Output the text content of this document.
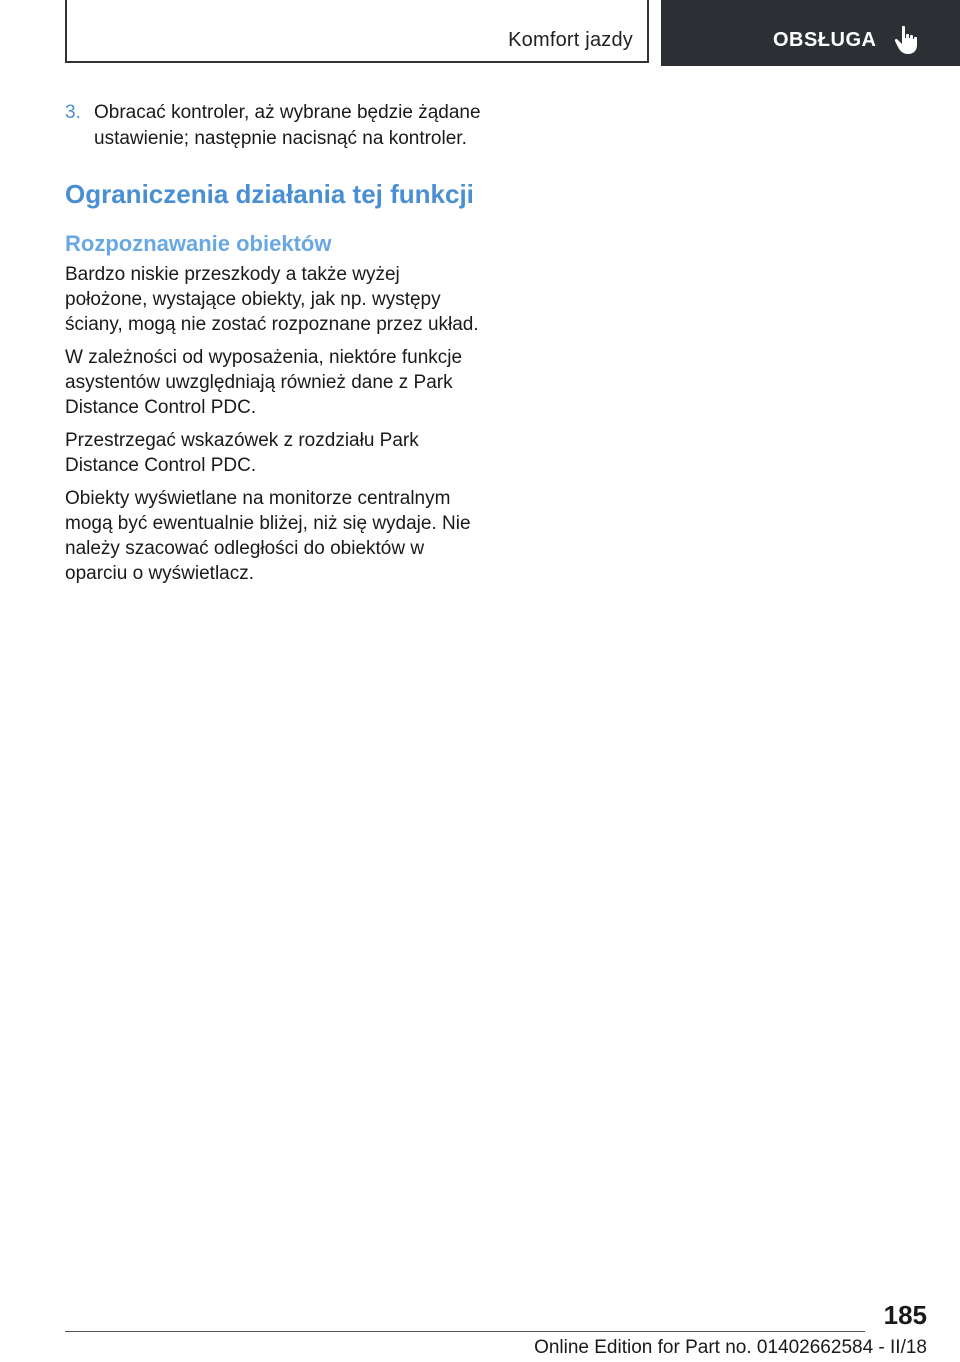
Komfort jazdy	OBSŁUGA
3. Obracać kontroler, aż wybrane będzie żądane ustawienie; następnie nacisnąć na kontroler.
Ograniczenia działania tej funkcji
Rozpoznawanie obiektów
Bardzo niskie przeszkody a także wyżej położone, wystające obiekty, jak np. występy ściany, mogą nie zostać rozpoznane przez układ.
W zależności od wyposażenia, niektóre funkcje asystentów uwzględniają również dane z Park Distance Control PDC.
Przestrzegać wskazówek z rozdziału Park Distance Control PDC.
Obiekty wyświetlane na monitorze centralnym mogą być ewentualnie bliżej, niż się wydaje. Nie należy szacować odległości do obiektów w oparciu o wyświetlacz.
185
Online Edition for Part no. 01402662584 - II/18
